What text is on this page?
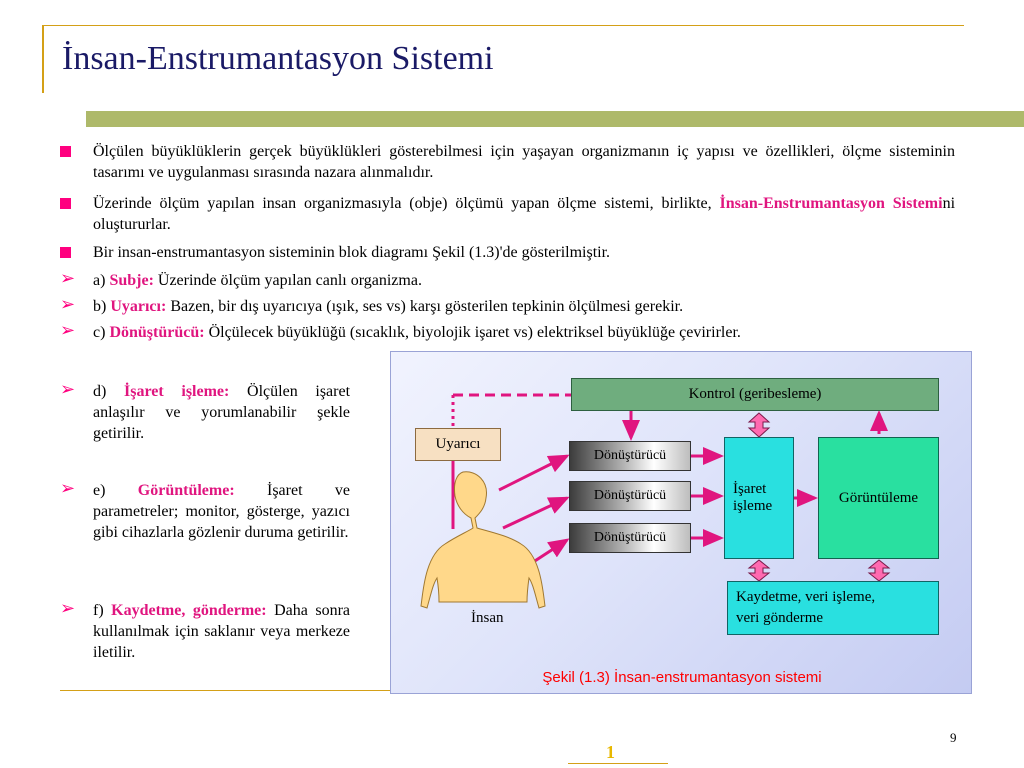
İnsan-Enstrumantasyon Sistemi
Ölçülen büyüklüklerin gerçek büyüklükleri gösterebilmesi için yaşayan organizmanın iç yapısı ve özellikleri, ölçme sisteminin tasarımı ve uygulanması sırasında nazara alınmalıdır.
Üzerinde ölçüm yapılan insan organizmasıyla (obje) ölçümü yapan ölçme sistemi, birlikte, İnsan-Enstrumantasyon Sistemini oluştururlar.
Bir insan-enstrumantasyon sisteminin blok diagramı Şekil (1.3)'de gösterilmiştir.
➢ a) Subje: Üzerinde ölçüm yapılan canlı organizma.
➢ b) Uyarıcı: Bazen, bir dış uyarıcıya (ışık, ses vs) karşı gösterilen tepkinin ölçülmesi gerekir.
➢ c) Dönüştürücü: Ölçülecek büyüklüğü (sıcaklık, biyolojik işaret vs) elektriksel büyüklüğe çevirirler.
➢ d) İşaret işleme: Ölçülen işaret anlaşılır ve yorumlanabilir şekle getirilir.
➢ e) Görüntüleme: İşaret ve parametreler; monitor, gösterge, yazıcı gibi cihazlarla gözlenir duruma getirilir.
➢ f) Kaydetme, gönderme: Daha sonra kullanılmak için saklanır veya merkeze iletilir.
Kontrol (geribesleme)
Uyarıcı
Dönüştürücü
Dönüştürücü
Dönüştürücü
İşaret
işleme
Görüntüleme
Kaydetme, veri işleme,
veri gönderme
İnsan
Şekil (1.3) İnsan-enstrumantasyon sistemi
9
1
